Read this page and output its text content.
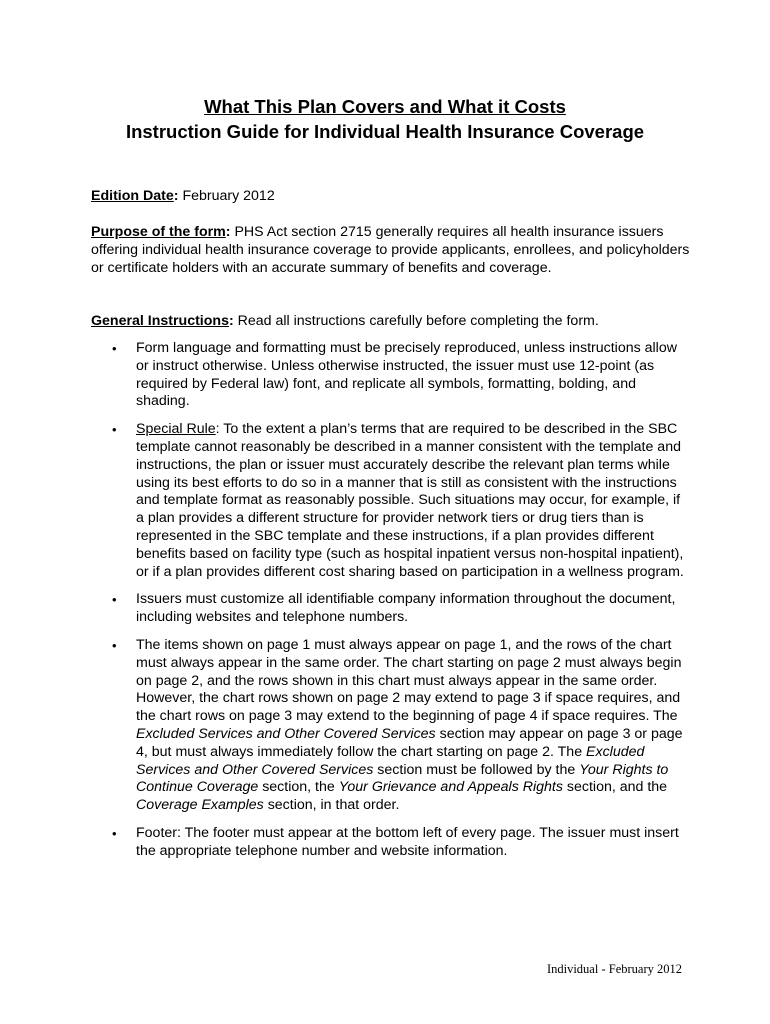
What This Plan Covers and What it Costs

Instruction Guide for Individual Health Insurance Coverage

Edition Date: February 2012

Purpose of the form: PHS Act section 2715 generally requires all health insurance issuers offering individual health insurance coverage to provide applicants, enrollees, and policyholders or certificate holders with an accurate summary of benefits and coverage.

General Instructions: Read all instructions carefully before completing the form.

• Form language and formatting must be precisely reproduced, unless instructions allow or instruct otherwise. Unless otherwise instructed, the issuer must use 12-point (as required by Federal law) font, and replicate all symbols, formatting, bolding, and shading.
• Special Rule: To the extent a plan’s terms that are required to be described in the SBC template cannot reasonably be described in a manner consistent with the template and instructions, the plan or issuer must accurately describe the relevant plan terms while using its best efforts to do so in a manner that is still as consistent with the instructions and template format as reasonably possible. Such situations may occur, for example, if a plan provides a different structure for provider network tiers or drug tiers than is represented in the SBC template and these instructions, if a plan provides different benefits based on facility type (such as hospital inpatient versus non-hospital inpatient), or if a plan provides different cost sharing based on participation in a wellness program.
• Issuers must customize all identifiable company information throughout the document, including websites and telephone numbers.
• The items shown on page 1 must always appear on page 1, and the rows of the chart must always appear in the same order. The chart starting on page 2 must always begin on page 2, and the rows shown in this chart must always appear in the same order. However, the chart rows shown on page 2 may extend to page 3 if space requires, and the chart rows on page 3 may extend to the beginning of page 4 if space requires. The Excluded Services and Other Covered Services section may appear on page 3 or page 4, but must always immediately follow the chart starting on page 2. The Excluded Services and Other Covered Services section must be followed by the Your Rights to Continue Coverage section, the Your Grievance and Appeals Rights section, and the Coverage Examples section, in that order.
• Footer: The footer must appear at the bottom left of every page. The issuer must insert the appropriate telephone number and website information.
Individual - February 2012
